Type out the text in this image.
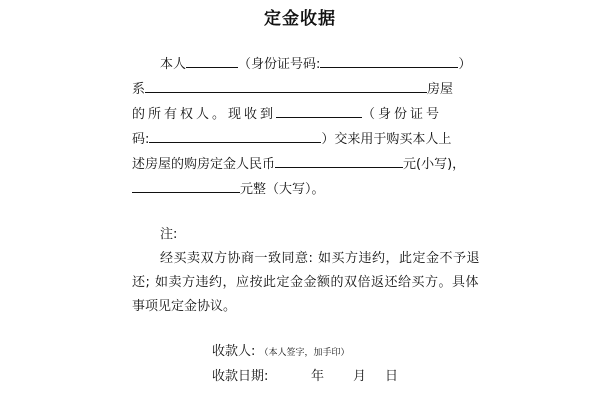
定金收据
本人	（身份证号码:	）
系	房屋
的所有权人。现收到	（身份证号
码:	）交来用于购买本人上
述房屋的购房定金人民币	元(小写)，
元整（大写）。
注:
经买卖双方协商一致同意: 如买方违约，此定金不予退
还; 如卖方违约，应按此定金金额的双倍返还给买方。具体
事项见定金协议。
收款人: （本人签字，加手印）
收款日期:	年 月 日
